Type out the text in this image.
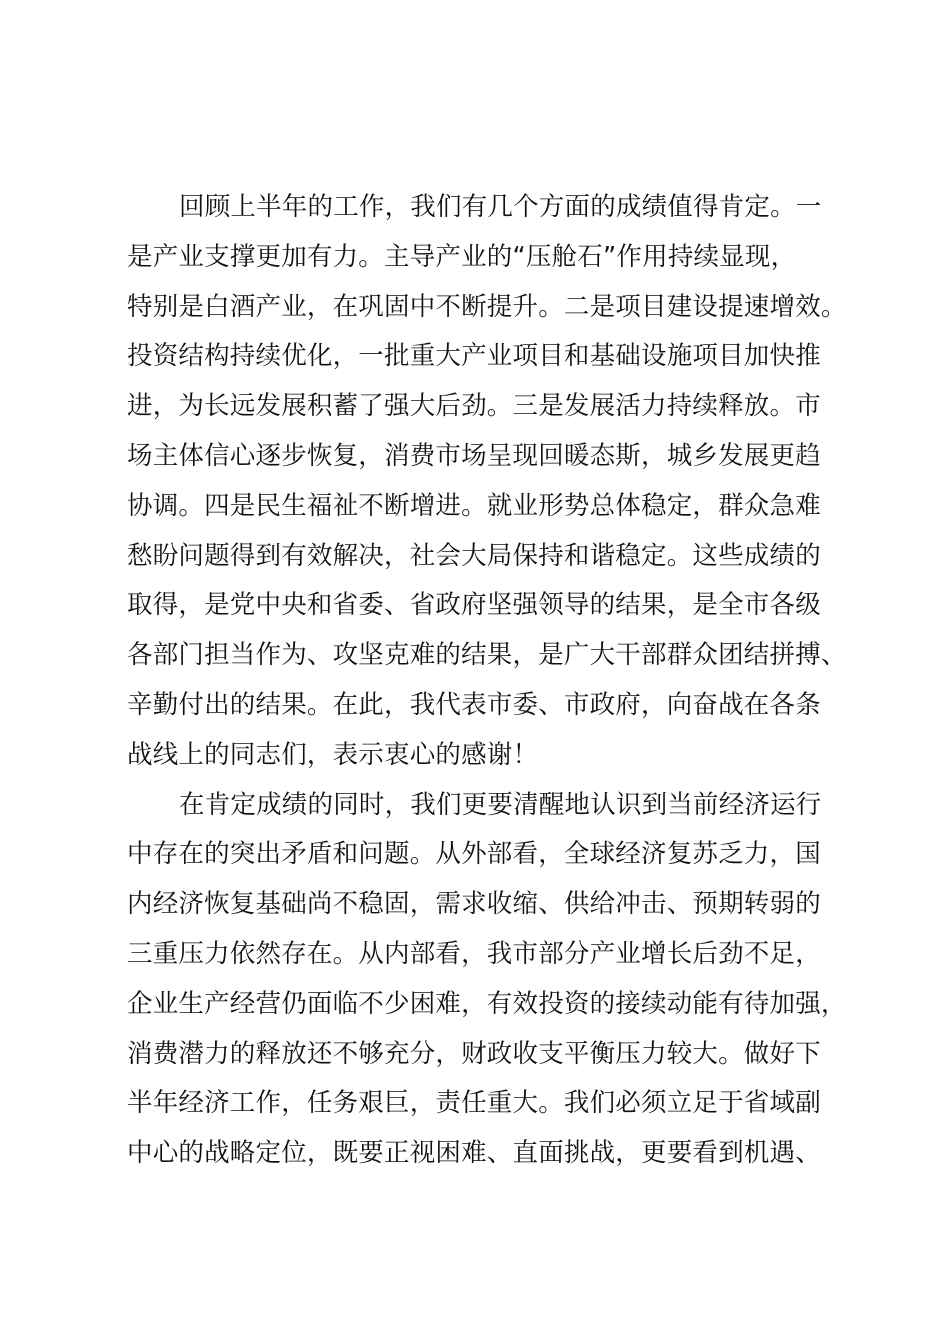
回顾上半年的工作，我们有几个方面的成绩值得肯定。一
是产业支撑更加有力。主导产业的“压舱石”作用持续显现，
特别是白酒产业，在巩固中不断提升。二是项目建设提速增效。
投资结构持续优化，一批重大产业项目和基础设施项目加快推
进，为长远发展积蓄了强大后劲。三是发展活力持续释放。市
场主体信心逐步恢复，消费市场呈现回暖态斯，城乡发展更趋
协调。四是民生福祉不断增进。就业形势总体稳定，群众急难
愁盼问题得到有效解决，社会大局保持和谐稳定。这些成绩的
取得，是党中央和省委、省政府坚强领导的结果，是全市各级
各部门担当作为、攻坚克难的结果，是广大干部群众团结拼搏、
辛勤付出的结果。在此，我代表市委、市政府，向奋战在各条
战线上的同志们，表示衷心的感谢！
在肯定成绩的同时，我们更要清醒地认识到当前经济运行
中存在的突出矛盾和问题。从外部看，全球经济复苏乏力，国
内经济恢复基础尚不稳固，需求收缩、供给冲击、预期转弱的
三重压力依然存在。从内部看，我市部分产业增长后劲不足，
企业生产经营仍面临不少困难，有效投资的接续动能有待加强，
消费潜力的释放还不够充分，财政收支平衡压力较大。做好下
半年经济工作，任务艰巨，责任重大。我们必须立足于省域副
中心的战略定位，既要正视困难、直面挑战，更要看到机遇、
